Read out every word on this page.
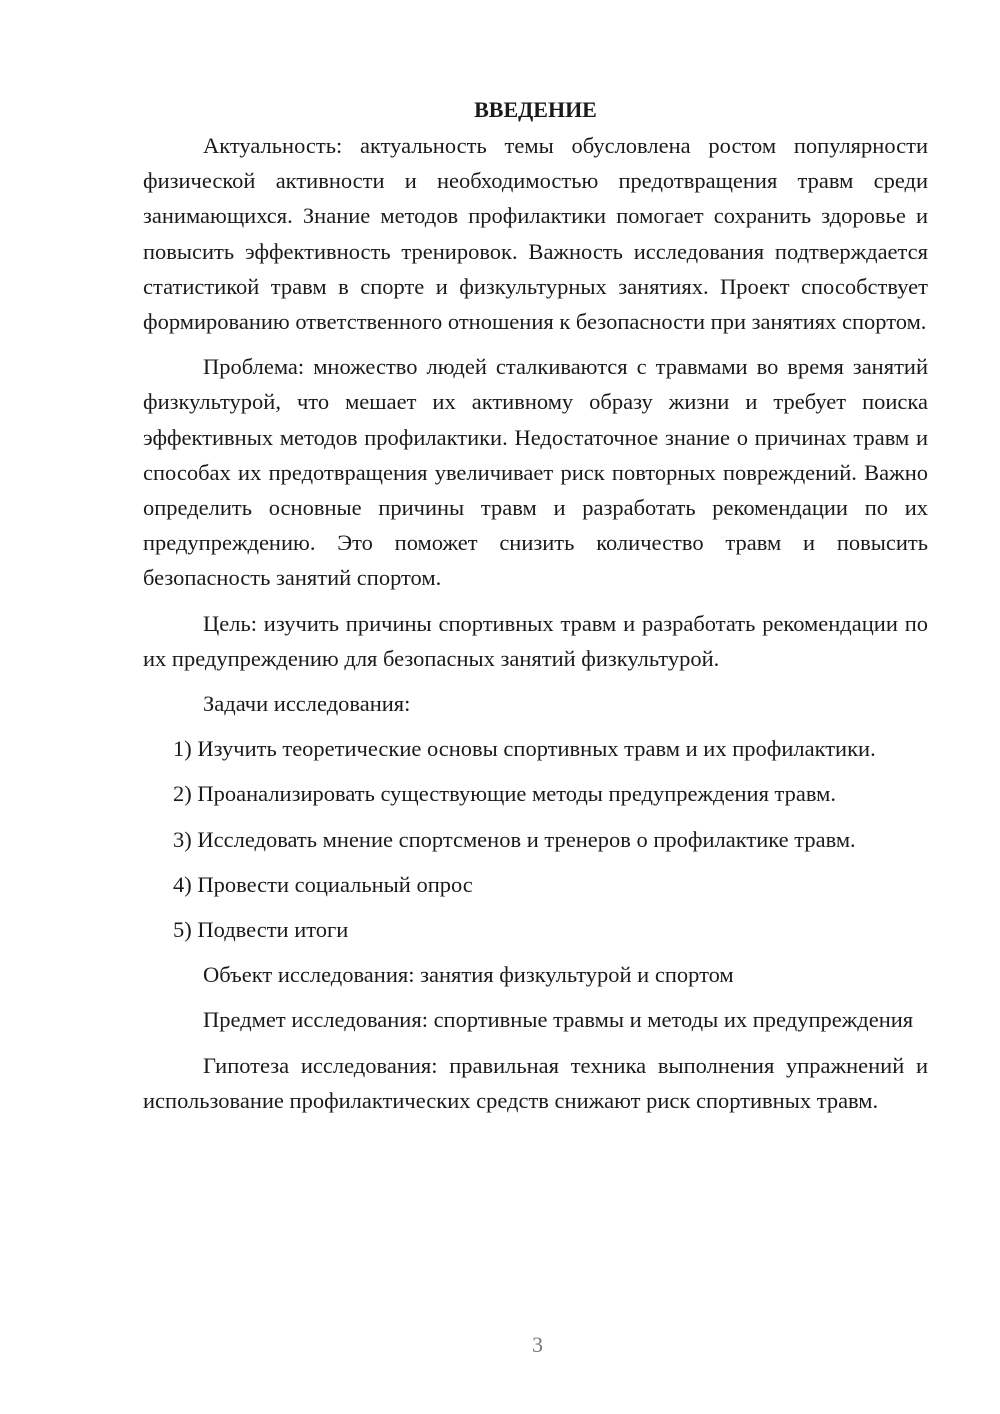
ВВЕДЕНИЕ

Актуальность: актуальность темы обусловлена ростом популярности физической активности и необходимостью предотвращения травм среди занимающихся. Знание методов профилактики помогает сохранить здоровье и повысить эффективность тренировок. Важность исследования подтверждается статистикой травм в спорте и физкультурных занятиях. Проект способствует формированию ответственного отношения к безопасности при занятиях спортом.

Проблема: множество людей сталкиваются с травмами во время занятий физкультурой, что мешает их активному образу жизни и требует поиска эффективных методов профилактики. Недостаточное знание о причинах травм и способах их предотвращения увеличивает риск повторных повреждений. Важно определить основные причины травм и разработать рекомендации по их предупреждению. Это поможет снизить количество травм и повысить безопасность занятий спортом.

Цель: изучить причины спортивных травм и разработать рекомендации по их предупреждению для безопасных занятий физкультурой.

Задачи исследования:

1) Изучить теоретические основы спортивных травм и их профилактики.

2) Проанализировать существующие методы предупреждения травм.

3) Исследовать мнение спортсменов и тренеров о профилактике травм.

4) Провести социальный опрос

5) Подвести итоги

Объект исследования: занятия физкультурой и спортом

Предмет исследования: спортивные травмы и методы их предупреждения

Гипотеза исследования: правильная техника выполнения упражнений и использование профилактических средств снижают риск спортивных травм.

3
